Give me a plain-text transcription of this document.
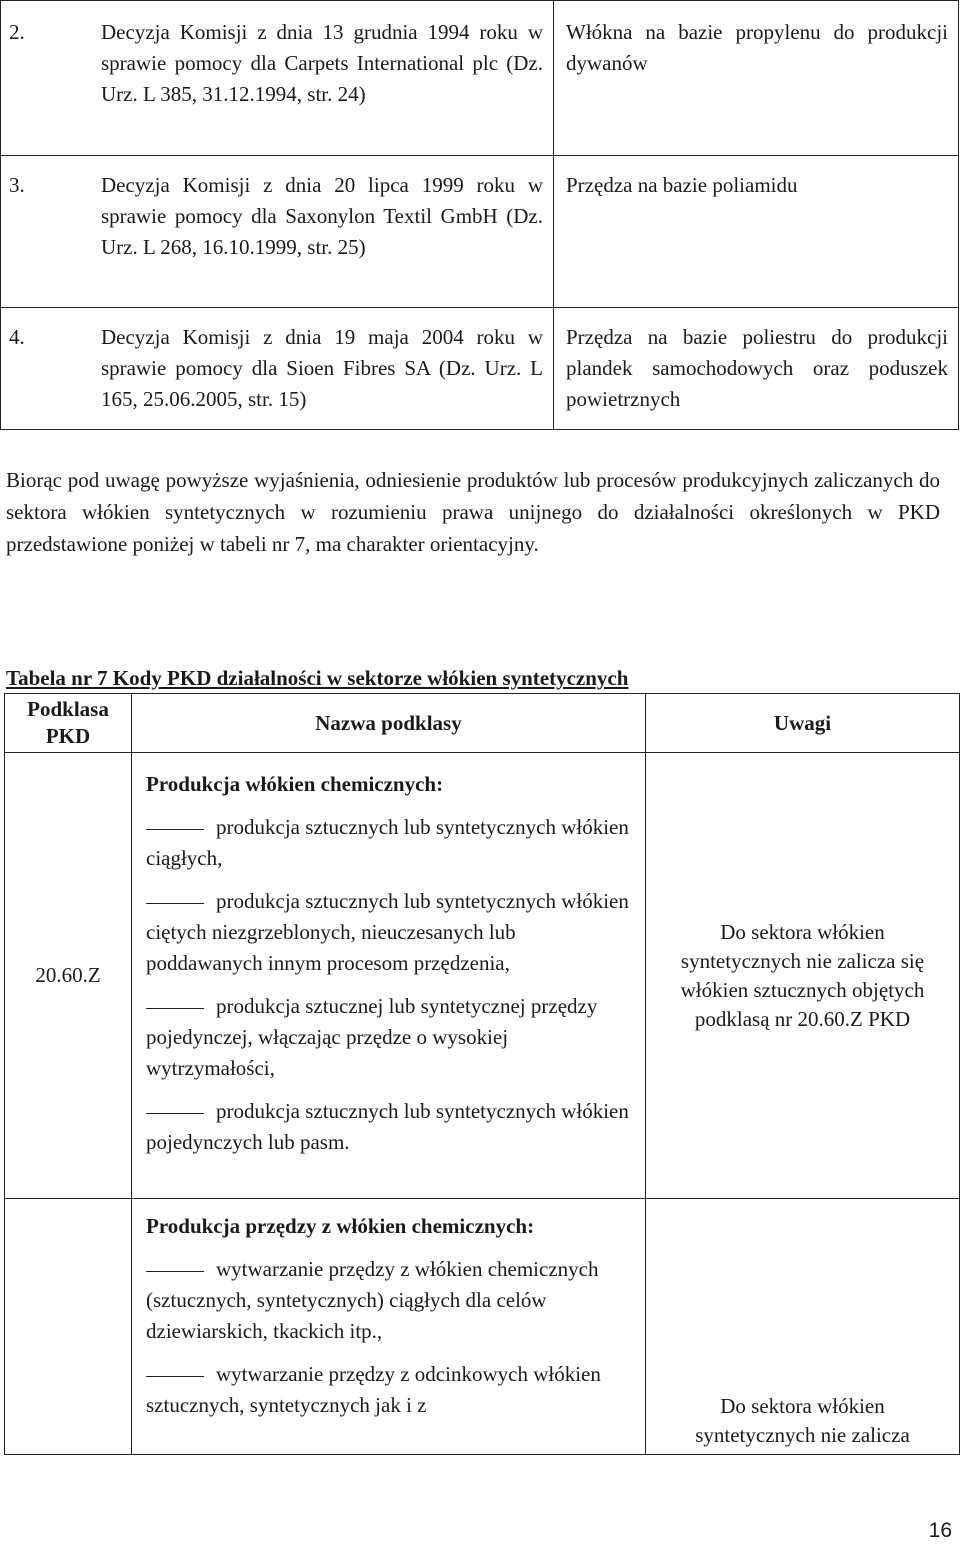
2. Decyzja Komisji z dnia 13 grudnia 1994 roku w sprawie pomocy dla Carpets International plc (Dz. Urz. L 385, 31.12.1994, str. 24)	Włókna na bazie propylenu do produkcji dywanów

3. Decyzja Komisji z dnia 20 lipca 1999 roku w sprawie pomocy dla Saxonylon Textil GmbH (Dz. Urz. L 268, 16.10.1999, str. 25)	Przędza na bazie poliamidu

4. Decyzja Komisji z dnia 19 maja 2004 roku w sprawie pomocy dla Sioen Fibres SA (Dz. Urz. L 165, 25.06.2005, str. 15)	Przędza na bazie poliestru do produkcji plandek samochodowych oraz poduszek powietrznych
Biorąc pod uwagę powyższe wyjaśnienia, odniesienie produktów lub procesów produkcyjnych zaliczanych do sektora włókien syntetycznych w rozumieniu prawa unijnego do działalności określonych w PKD przedstawione poniżej w tabeli nr 7, ma charakter orientacyjny.
Tabela nr 7 Kody PKD działalności w sektorze włókien syntetycznych
Podklasa PKD	Nazwa podklasy	Uwagi
20.60.Z	Produkcja włókien chemicznych:
produkcja sztucznych lub syntetycznych włókien ciągłych,
produkcja sztucznych lub syntetycznych włókien ciętych niezgrzeblonych, nieuczesanych lub poddawanych innym procesom przędzenia,
produkcja sztucznej lub syntetycznej przędzy pojedynczej, włączając przędze o wysokiej wytrzymałości,
produkcja sztucznych lub syntetycznych włókien pojedynczych lub pasm.	Do sektora włókien syntetycznych nie zalicza się włókien sztucznych objętych podklasą nr 20.60.Z PKD

	Produkcja przędzy z włókien chemicznych:
wytwarzanie przędzy z włókien chemicznych (sztucznych, syntetycznych) ciągłych dla celów dziewiarskich, tkackich itp.,
wytwarzanie przędzy z odcinkowych włókien sztucznych, syntetycznych jak i z	Do sektora włókien syntetycznych nie zalicza
16
